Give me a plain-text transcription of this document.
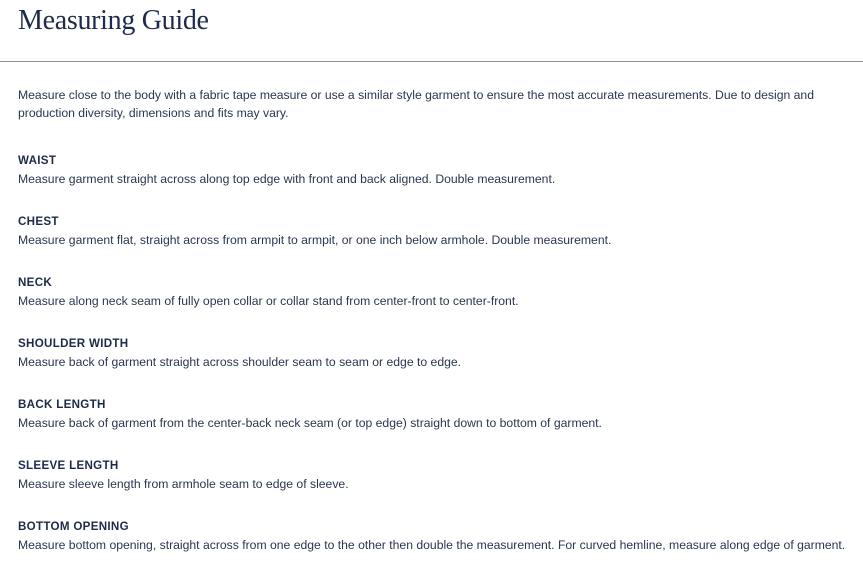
Measuring Guide

Measure close to the body with a fabric tape measure or use a similar style garment to ensure the most accurate measurements. Due to design and production diversity, dimensions and fits may vary.

WAIST

Measure garment straight across along top edge with front and back aligned. Double measurement.

CHEST

Measure garment flat, straight across from armpit to armpit, or one inch below armhole. Double measurement.

NECK

Measure along neck seam of fully open collar or collar stand from center-front to center-front.

SHOULDER WIDTH

Measure back of garment straight across shoulder seam to seam or edge to edge.

BACK LENGTH

Measure back of garment from the center-back neck seam (or top edge) straight down to bottom of garment.

SLEEVE LENGTH

Measure sleeve length from armhole seam to edge of sleeve.

BOTTOM OPENING

Measure bottom opening, straight across from one edge to the other then double the measurement. For curved hemline, measure along edge of garment.
